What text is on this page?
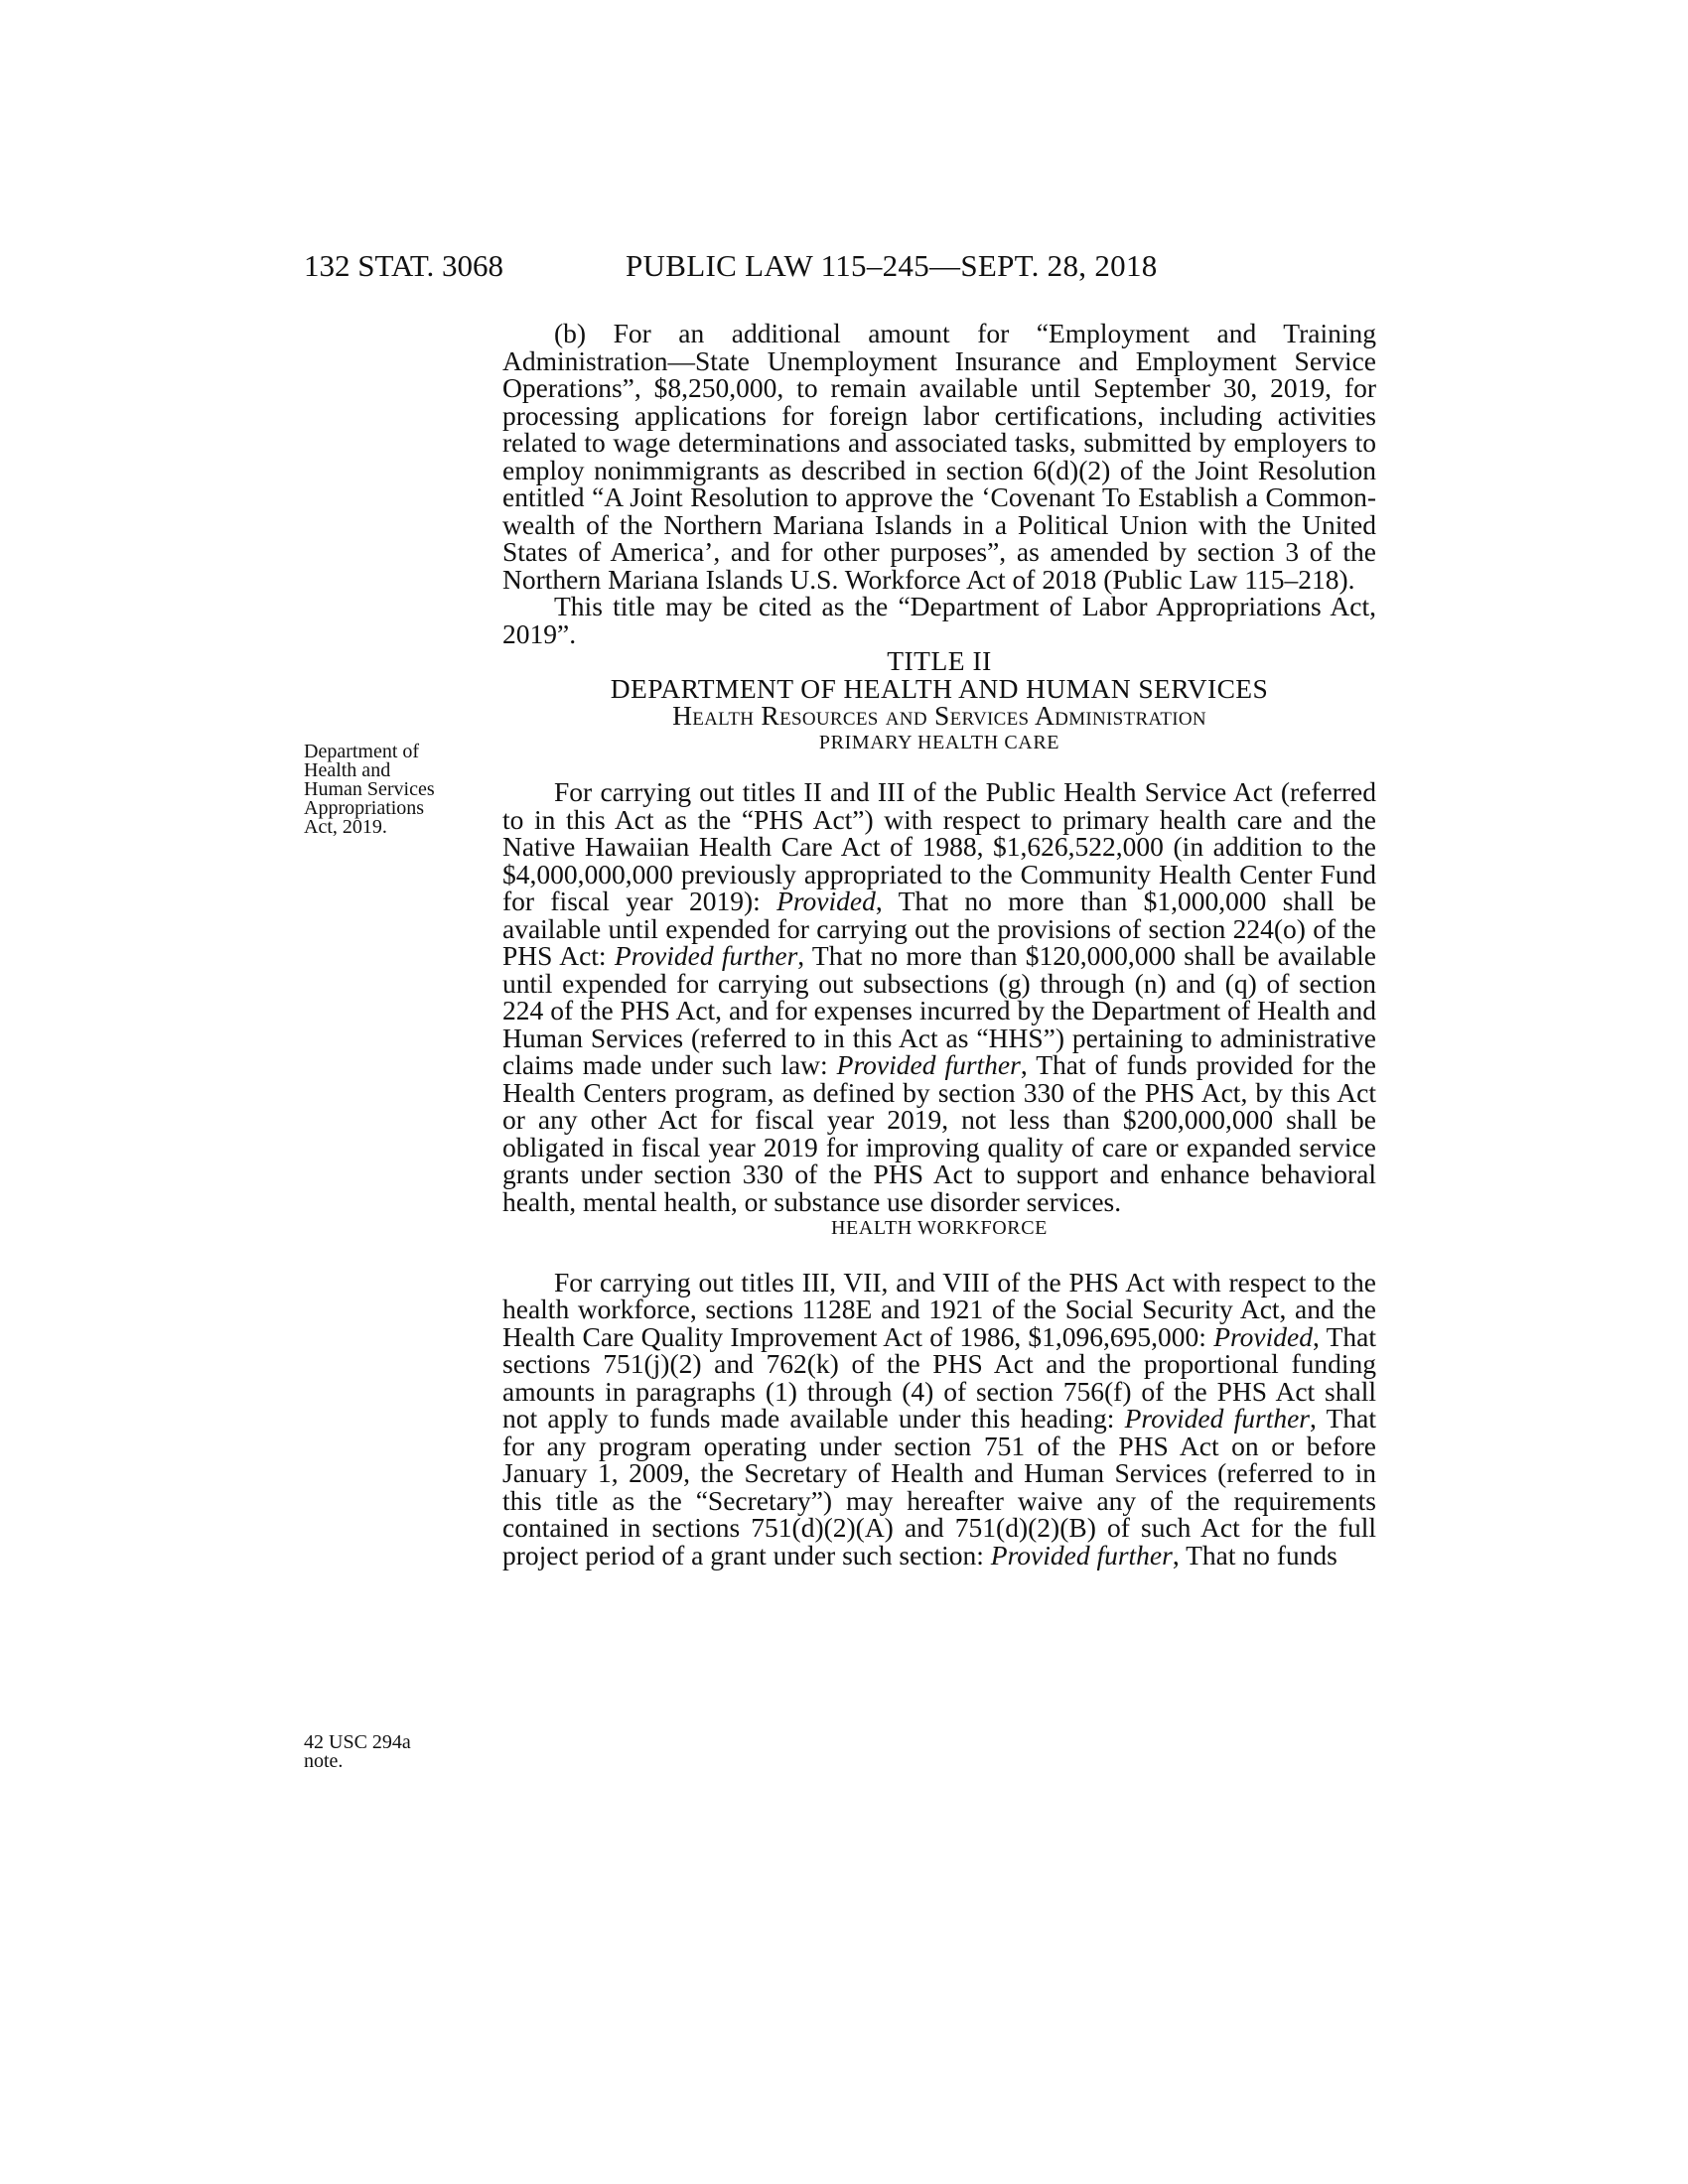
132 STAT. 3068	PUBLIC LAW 115–245—SEPT. 28, 2018
Department of
Health and
Human Services
Appropriations
Act, 2019.
42 USC 294a
note.

(b) For an additional amount for “Employment and Training Administration—State Unemployment Insurance and Employment Service Operations”, $8,250,000, to remain available until September 30, 2019, for processing applications for foreign labor certifications, including activities related to wage determinations and associated tasks, submitted by employers to employ nonimmigrants as described in section 6(d)(2) of the Joint Resolution entitled “A Joint Resolution to approve the ‘Covenant To Establish a Commonwealth of the Northern Mariana Islands in a Political Union with the United States of America’, and for other purposes”, as amended by section 3 of the Northern Mariana Islands U.S. Workforce Act of 2018 (Public Law 115–218).

This title may be cited as the “Department of Labor Appropriations Act, 2019”.

TITLE II

DEPARTMENT OF HEALTH AND HUMAN SERVICES

Health Resources and Services Administration

PRIMARY HEALTH CARE

For carrying out titles II and III of the Public Health Service Act (referred to in this Act as the “PHS Act”) with respect to primary health care and the Native Hawaiian Health Care Act of 1988, $1,626,522,000 (in addition to the $4,000,000,000 previously appropriated to the Community Health Center Fund for fiscal year 2019): Provided, That no more than $1,000,000 shall be available until expended for carrying out the provisions of section 224(o) of the PHS Act: Provided further, That no more than $120,000,000 shall be available until expended for carrying out subsections (g) through (n) and (q) of section 224 of the PHS Act, and for expenses incurred by the Department of Health and Human Services (referred to in this Act as “HHS”) pertaining to administrative claims made under such law: Provided further, That of funds provided for the Health Centers program, as defined by section 330 of the PHS Act, by this Act or any other Act for fiscal year 2019, not less than $200,000,000 shall be obligated in fiscal year 2019 for improving quality of care or expanded service grants under section 330 of the PHS Act to support and enhance behavioral health, mental health, or substance use disorder services.

HEALTH WORKFORCE

For carrying out titles III, VII, and VIII of the PHS Act with respect to the health workforce, sections 1128E and 1921 of the Social Security Act, and the Health Care Quality Improvement Act of 1986, $1,096,695,000: Provided, That sections 751(j)(2) and 762(k) of the PHS Act and the proportional funding amounts in paragraphs (1) through (4) of section 756(f) of the PHS Act shall not apply to funds made available under this heading: Provided further, That for any program operating under section 751 of the PHS Act on or before January 1, 2009, the Secretary of Health and Human Services (referred to in this title as the “Secretary”) may hereafter waive any of the requirements contained in sections 751(d)(2)(A) and 751(d)(2)(B) of such Act for the full project period of a grant under such section: Provided further, That no funds
